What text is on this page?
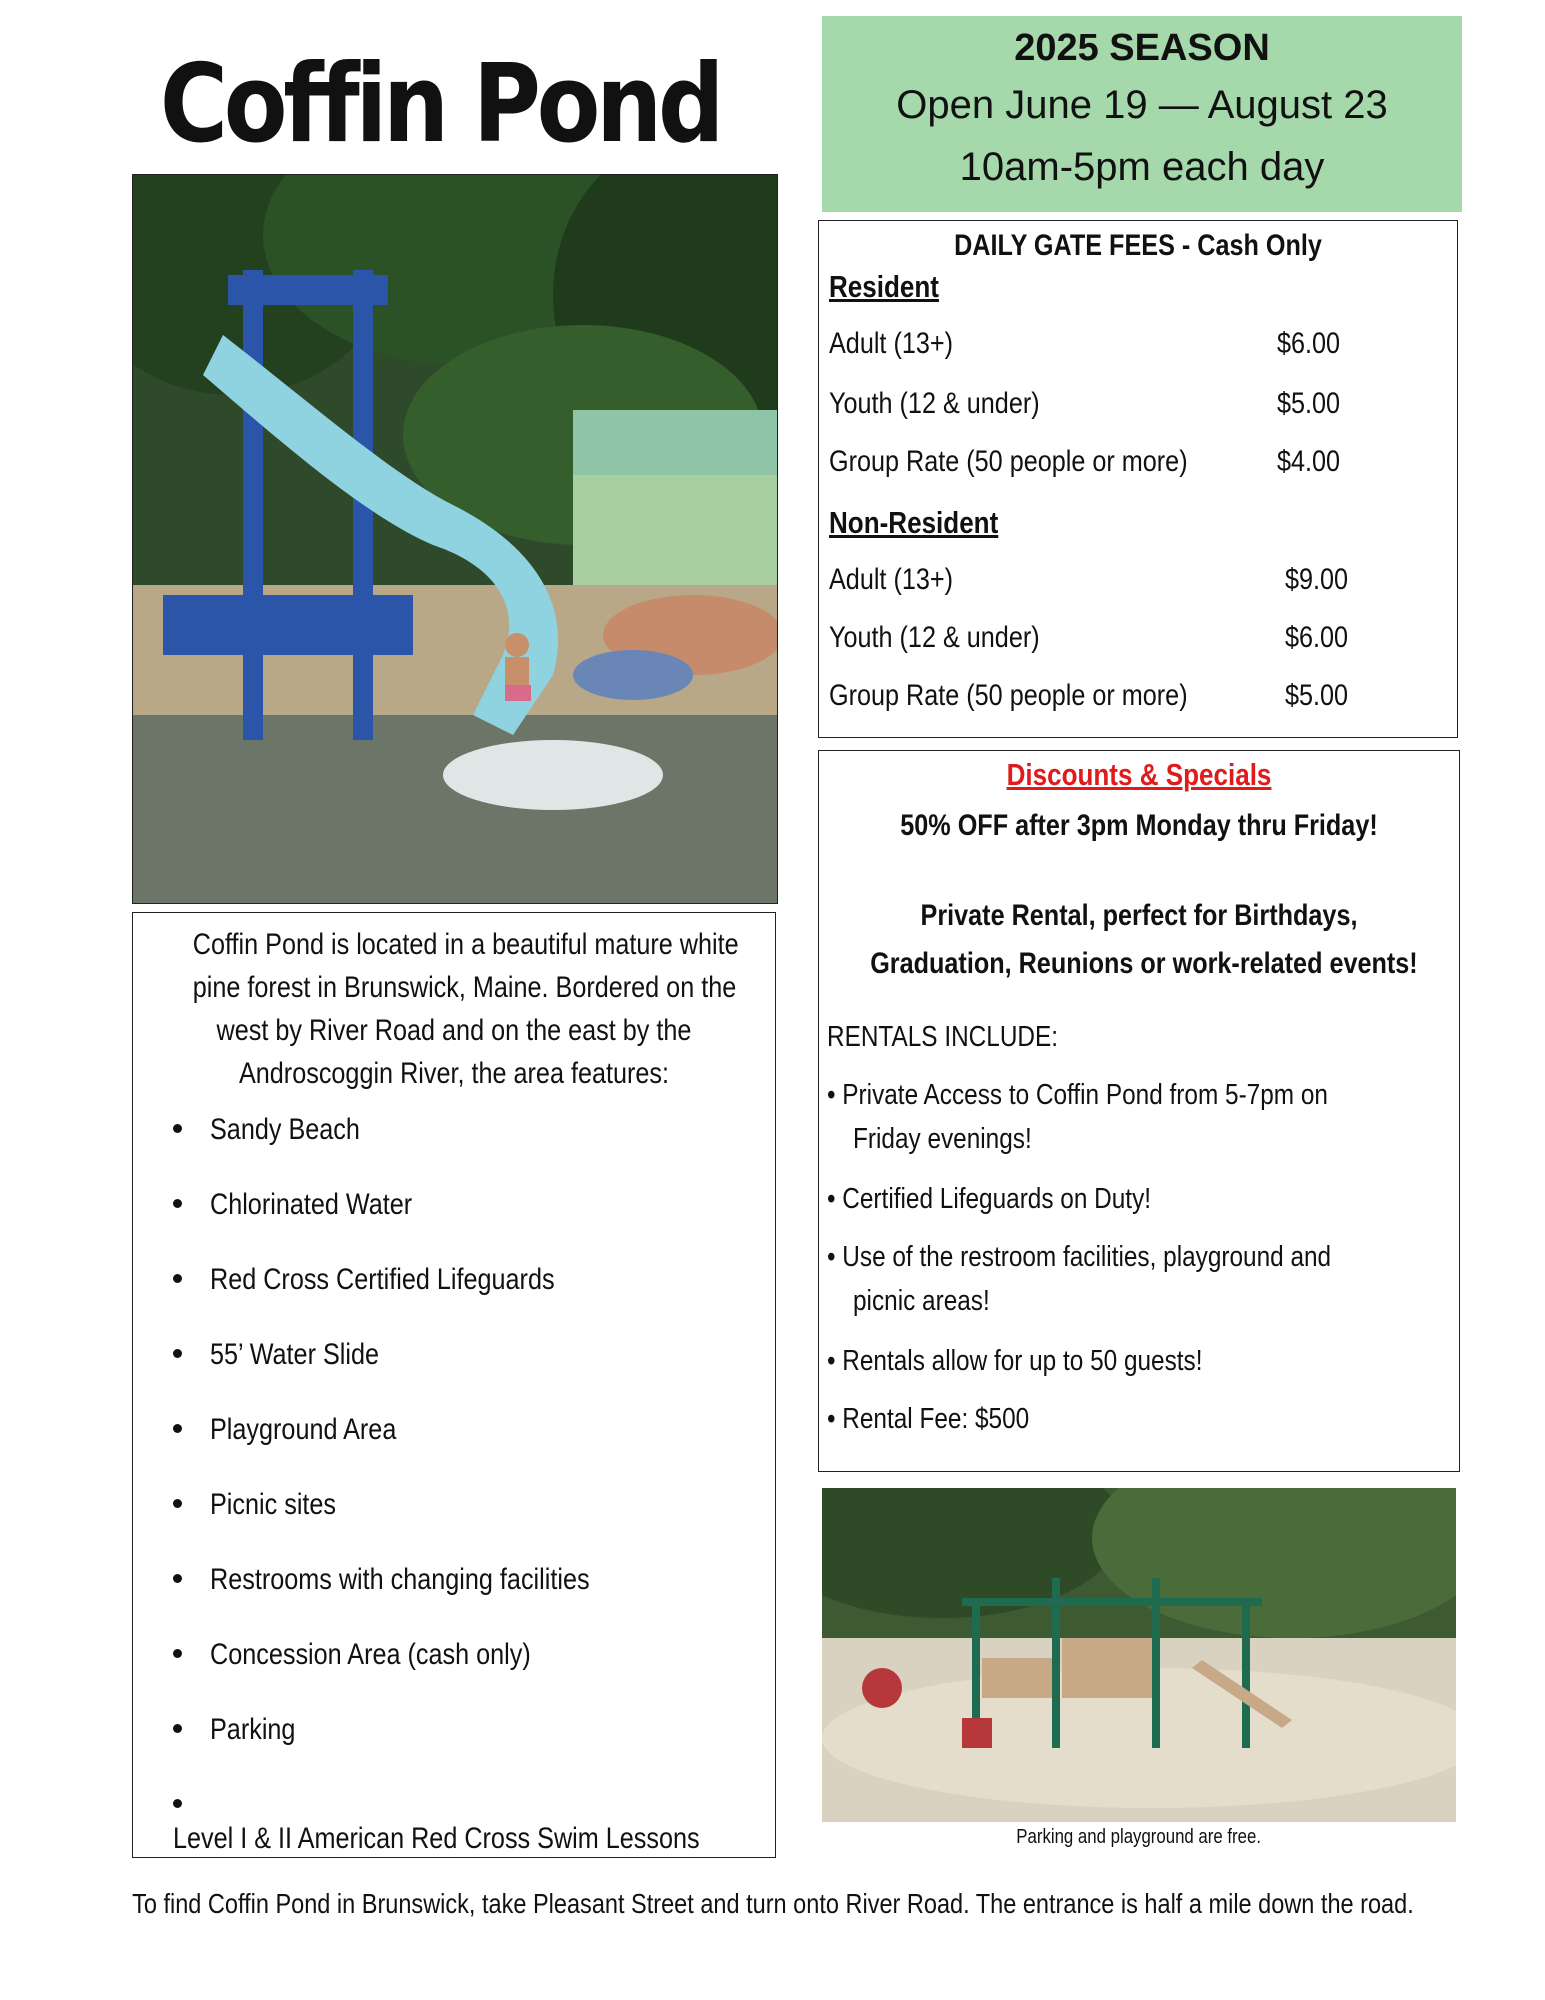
Coffin Pond	2025 SEASON
Open June 19 — August 23
10am-5pm each day
DAILY GATE FEES - Cash Only
Resident
Adult (13+)	$6.00
Youth (12 & under)	$5.00
Group Rate (50 people or more)	$4.00
Non-Resident
Adult (13+)	$9.00
Youth (12 & under)	$6.00
Group Rate (50 people or more)	$5.00
Discounts & Specials
50% OFF after 3pm Monday thru Friday!
Private Rental, perfect for Birthdays,
Graduation, Reunions or work-related events!
RENTALS INCLUDE:
• Private Access to Coffin Pond from 5-7pm on
Friday evenings!
• Certified Lifeguards on Duty!
• Use of the restroom facilities, playground and
picnic areas!
• Rentals allow for up to 50 guests!
• Rental Fee: $500
Coffin Pond is located in a beautiful mature white
pine forest in Brunswick, Maine. Bordered on the
west by River Road and on the east by the
Androscoggin River, the area features:
Sandy Beach
Chlorinated Water
Red Cross Certified Lifeguards
55’ Water Slide
Playground Area
Picnic sites
Restrooms with changing facilities
Concession Area (cash only)
Parking
Level I & II American Red Cross Swim Lessons	Parking and playground are free.
To find Coffin Pond in Brunswick, take Pleasant Street and turn onto River Road. The entrance is half a mile down the road.
